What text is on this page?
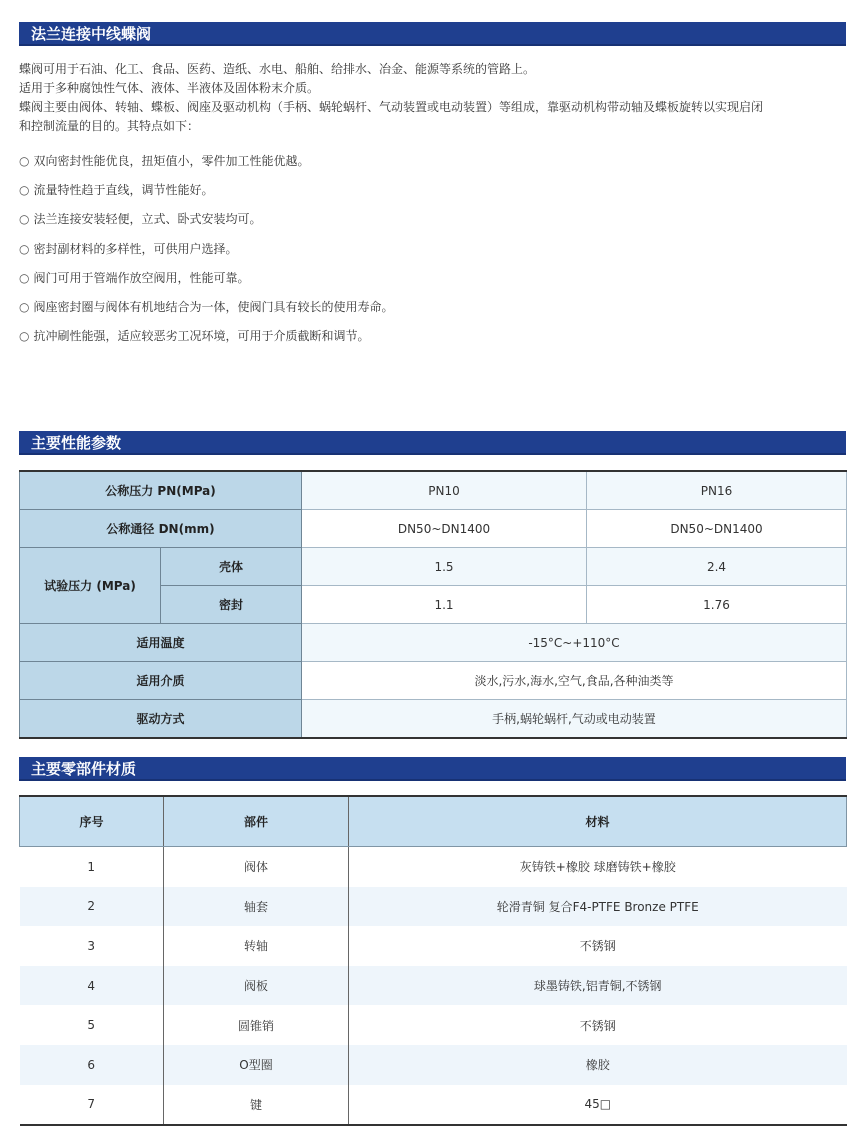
法兰连接中线蝶阀

蝶阀可用于石油、化工、食品、医药、造纸、水电、船舶、给排水、冶金、能源等系统的管路上。

适用于多种腐蚀性气体、液体、半液体及固体粉末介质。

蝶阀主要由阀体、转轴、蝶板、阀座及驱动机构（手柄、蜗轮蜗杆、气动装置或电动装置）等组成，靠驱动机构带动轴及蝶板旋转以实现启闭

和控制流量的目的。其特点如下：

○ 双向密封性能优良，扭矩值小，零件加工性能优越。
○ 流量特性趋于直线，调节性能好。
○ 法兰连接安装轻便，立式、卧式安装均可。
○ 密封副材料的多样性，可供用户选择。
○ 阀门可用于管端作放空阀用，性能可靠。
○ 阀座密封圈与阀体有机地结合为一体，使阀门具有较长的使用寿命。
○ 抗冲刷性能强，适应较恶劣工况环境，可用于介质截断和调节。
主要性能参数
公称压力 PN(MPa)		PN10	PN16
公称通径 DN(mm)		DN50~DN1400	DN50~DN1400
试验压力 (MPa)	壳体	1.5	2.4
	密封	1.1	1.76
适用温度		-15°C~+110°C	
适用介质		淡水,污水,海水,空气,食品,各种油类等	
驱动方式		手柄,蜗轮蜗杆,气动或电动装置	
主要零部件材质
序号	部件	材料
1	阀体	灰铸铁+橡胶 球磨铸铁+橡胶
2	轴套	轮滑青铜 复合F4-PTFE Bronze PTFE
3	转轴	不锈钢
4	阀板	球墨铸铁,铝青铜,不锈钢
5	圆锥销	不锈钢
6	O型圈	橡胶
7	键	45□
